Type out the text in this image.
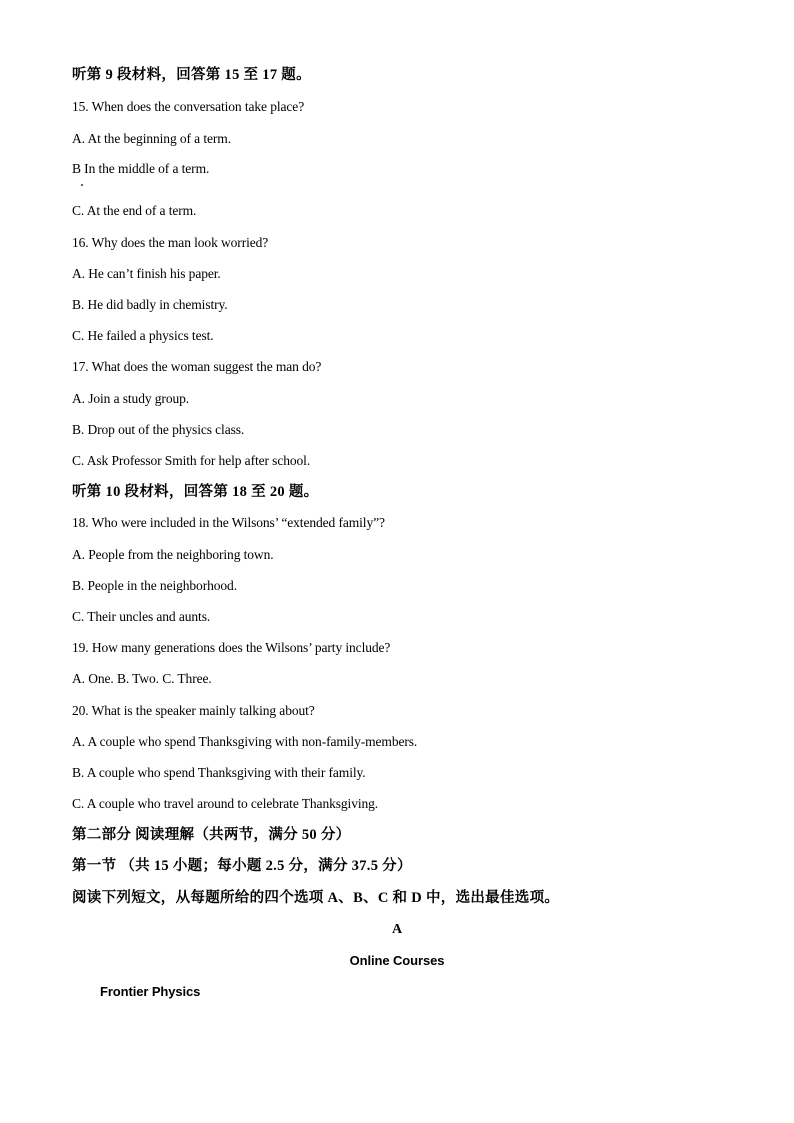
听第 9 段材料，回答第 15 至 17 题。
15. When does the conversation take place?
A. At the beginning of a term.
B In the middle of a term.
C. At the end of a term.
16. Why does the man look worried?
A. He can’t finish his paper.
B. He did badly in chemistry.
C. He failed a physics test.
17. What does the woman suggest the man do?
A. Join a study group.
B. Drop out of the physics class.
C. Ask Professor Smith for help after school.
听第 10 段材料，回答第 18 至 20 题。
18. Who were included in the Wilsons’ “extended family”?
A. People from the neighboring town.
B. People in the neighborhood.
C. Their uncles and aunts.
19. How many generations does the Wilsons’ party include?
A. One. B. Two. C. Three.
20. What is the speaker mainly talking about?
A. A couple who spend Thanksgiving with non-family-members.
B. A couple who spend Thanksgiving with their family.
C. A couple who travel around to celebrate Thanksgiving.
第二部分 阅读理解（共两节，满分 50 分）
第一节 （共 15 小题；每小题 2.5 分，满分 37.5 分）
阅读下列短文，从每题所给的四个选项 A、B、C 和 D 中，选出最佳选项。
A
Online Courses
Frontier Physics
